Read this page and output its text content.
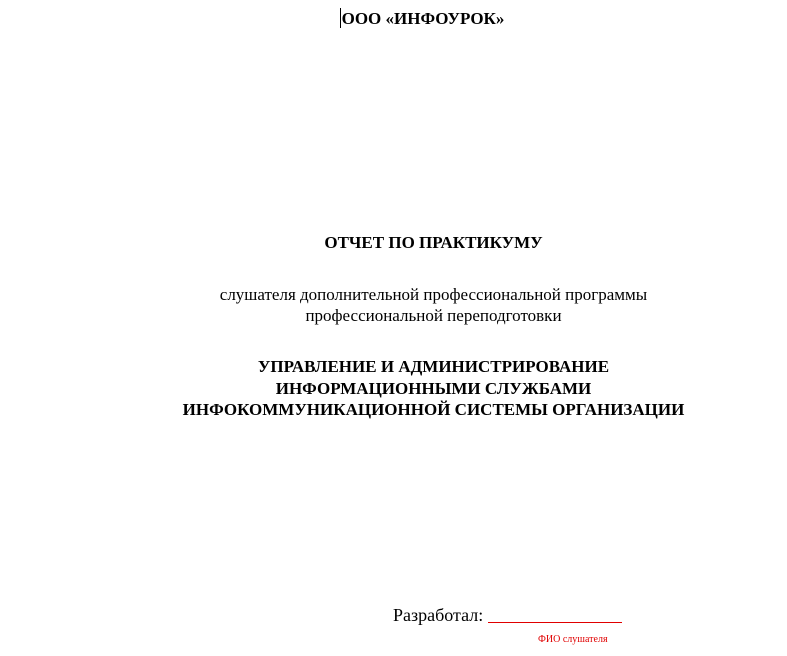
ООО «ИНФОУРОК»
ОТЧЕТ ПО ПРАКТИКУМУ
слушателя дополнительной профессиональной программы
профессиональной переподготовки
УПРАВЛЕНИЕ И АДМИНИСТРИРОВАНИЕ
ИНФОРМАЦИОННЫМИ СЛУЖБАМИ
ИНФОКОММУНИКАЦИОННОЙ СИСТЕМЫ ОРГАНИЗАЦИИ
Разработал:
ФИО слушателя
